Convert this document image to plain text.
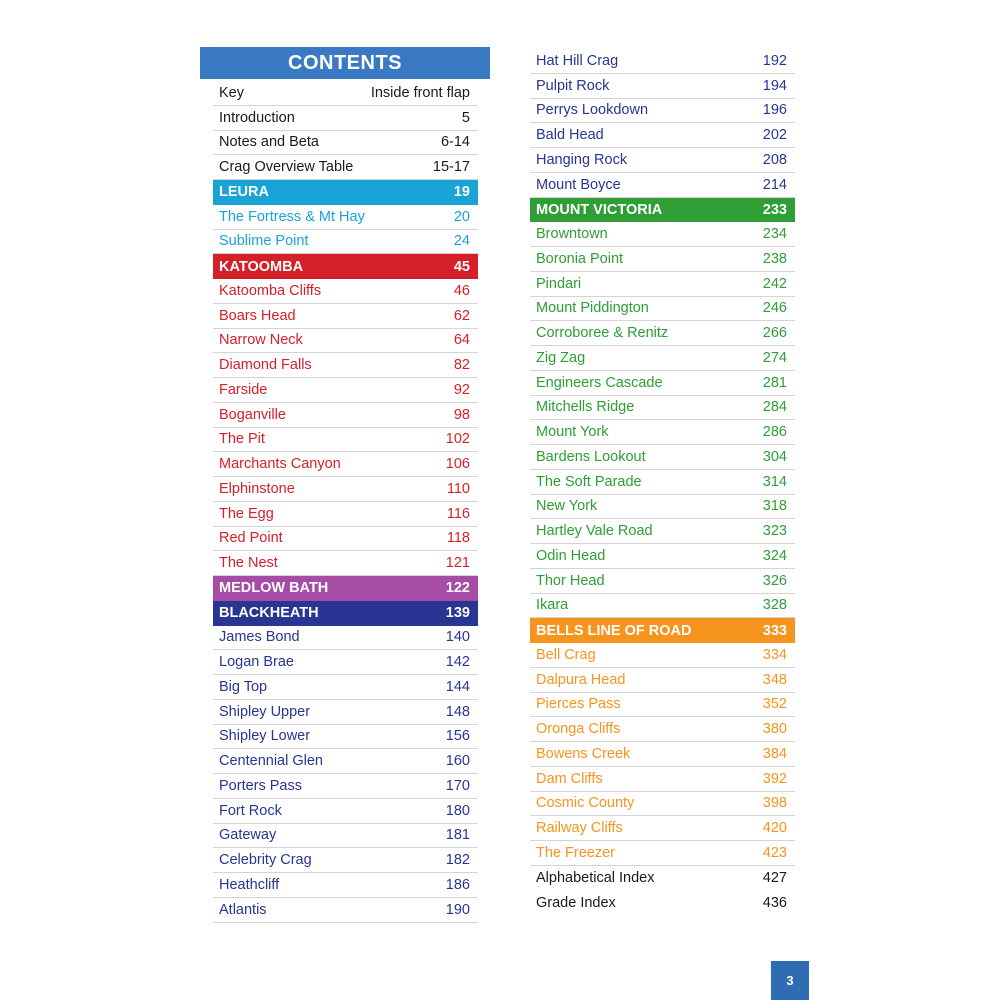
CONTENTS
Key	Inside front flap
Introduction	5
Notes and Beta	6-14
Crag Overview Table	15-17
LEURA	19
The Fortress & Mt Hay	20
Sublime Point	24
KATOOMBA	45
Katoomba Cliffs	46
Boars Head	62
Narrow Neck	64
Diamond Falls	82
Farside	92
Boganville	98
The Pit	102
Marchants Canyon	106
Elphinstone	110
The Egg	116
Red Point	118
The Nest	121
MEDLOW BATH	122
BLACKHEATH	139
James Bond	140
Logan Brae	142
Big Top	144
Shipley Upper	148
Shipley Lower	156
Centennial Glen	160
Porters Pass	170
Fort Rock	180
Gateway	181
Celebrity Crag	182
Heathcliff	186
Atlantis	190
Hat Hill Crag	192
Pulpit Rock	194
Perrys Lookdown	196
Bald Head	202
Hanging Rock	208
Mount Boyce	214
MOUNT VICTORIA	233
Browntown	234
Boronia Point	238
Pindari	242
Mount Piddington	246
Corroboree & Renitz	266
Zig Zag	274
Engineers Cascade	281
Mitchells Ridge	284
Mount York	286
Bardens Lookout	304
The Soft Parade	314
New York	318
Hartley Vale Road	323
Odin Head	324
Thor Head	326
Ikara	328
BELLS LINE OF ROAD	333
Bell Crag	334
Dalpura Head	348
Pierces Pass	352
Oronga Cliffs	380
Bowens Creek	384
Dam Cliffs	392
Cosmic County	398
Railway Cliffs	420
The Freezer	423
Alphabetical Index	427
Grade Index	436
3
